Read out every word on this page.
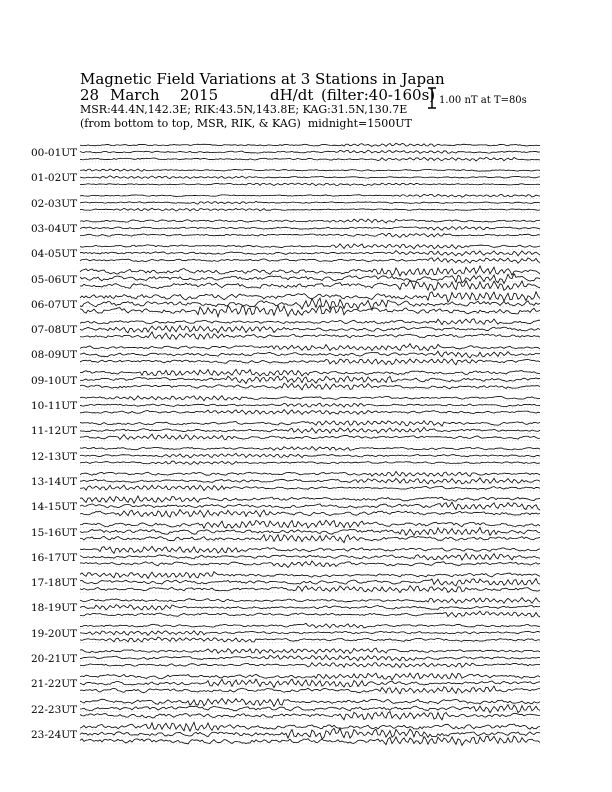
Magnetic Field Variations at 3 Stations in Japan
28 March 2015	dH/dt (filter:40-160s)
MSR:44.4N,142.3E; RIK:43.5N,143.8E; KAG:31.5N,130.7E
(from bottom to top, MSR, RIK, & KAG) midnight=1500UT
1.00 nT at T=80s
00-01UT
01-02UT
02-03UT
03-04UT
04-05UT
05-06UT
06-07UT
07-08UT
08-09UT
09-10UT
10-11UT
11-12UT
12-13UT
13-14UT
14-15UT
15-16UT
16-17UT
17-18UT
18-19UT
19-20UT
20-21UT
21-22UT
22-23UT
23-24UT
